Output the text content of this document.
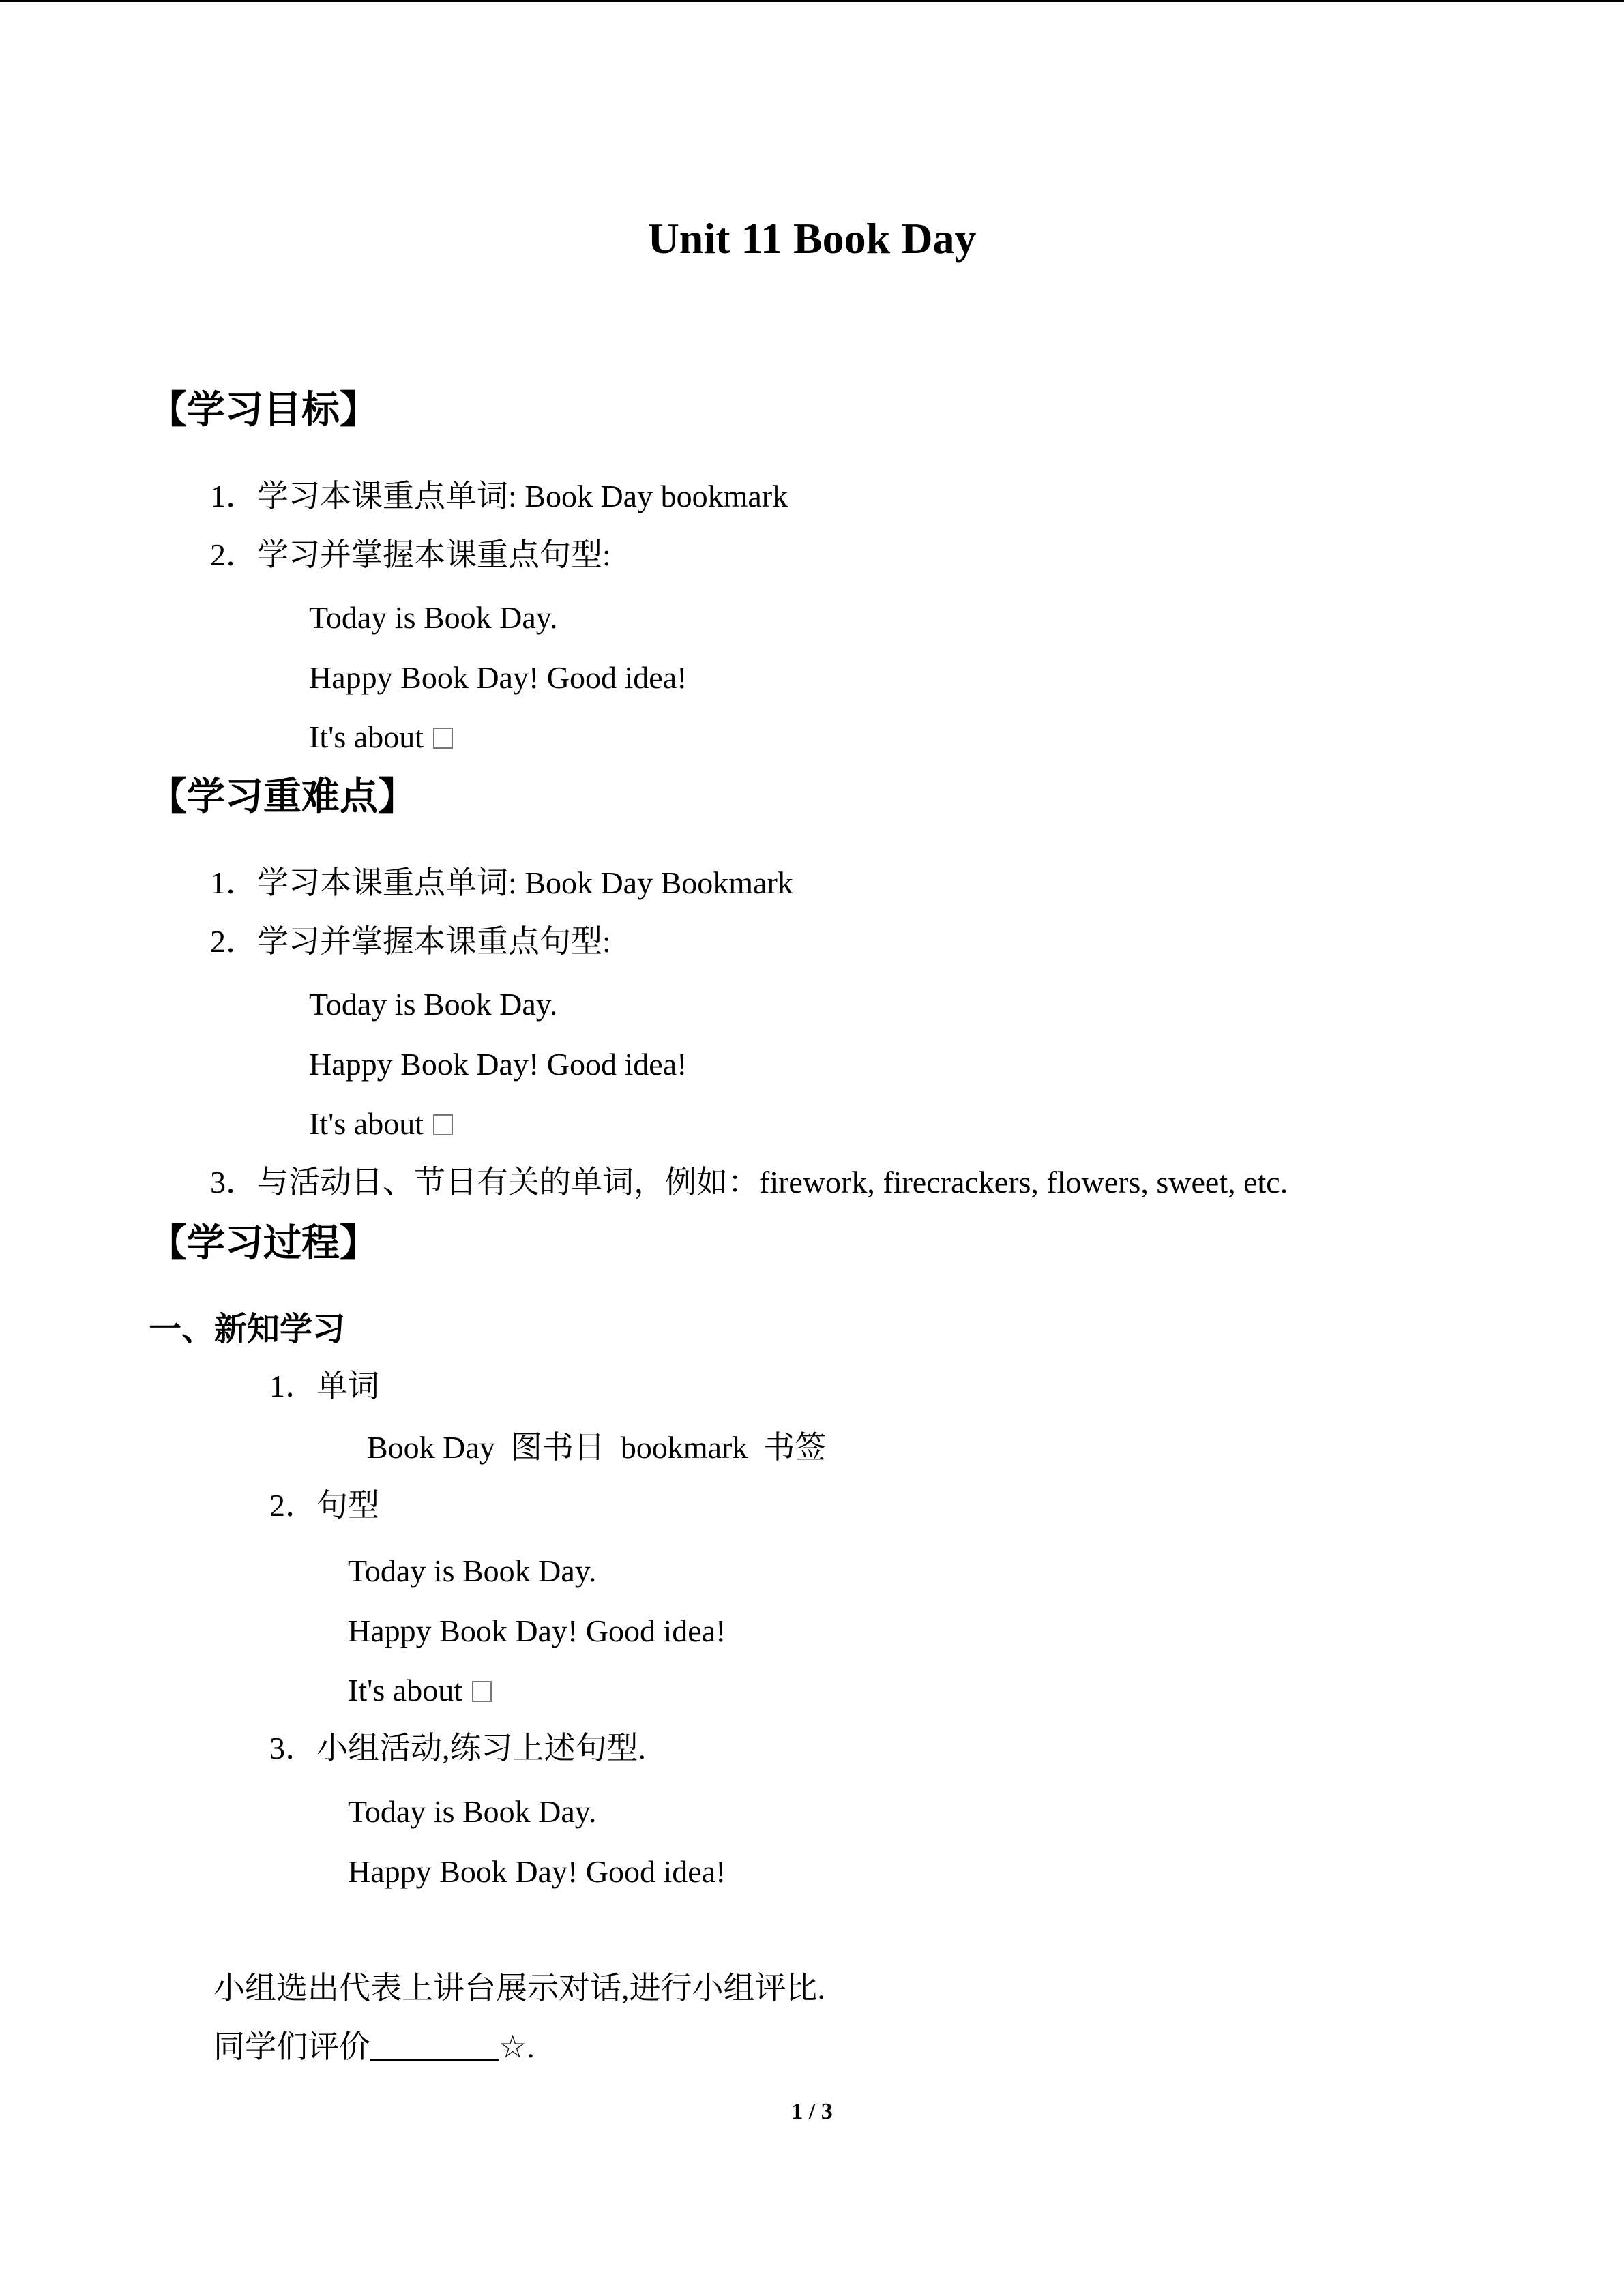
Unit 11 Book Day
【学习目标】
1．学习本课重点单词: Book Day bookmark
2．学习并掌握本课重点句型:
Today is Book Day.
Happy Book Day! Good idea!
It's about
【学习重难点】
1．学习本课重点单词: Book Day Bookmark
2．学习并掌握本课重点句型:
Today is Book Day.
Happy Book Day! Good idea!
It's about
3．与活动日、节日有关的单词，例如：firework, firecrackers, flowers, sweet, etc.
【学习过程】
一、新知学习
1．单词
Book Day  图书日  bookmark  书签
2．句型
Today is Book Day.
Happy Book Day! Good idea!
It's about
3．小组活动,练习上述句型.
Today is Book Day.
Happy Book Day! Good idea!
小组选出代表上讲台展示对话,进行小组评比.
同学们评价	☆.
1 / 3
